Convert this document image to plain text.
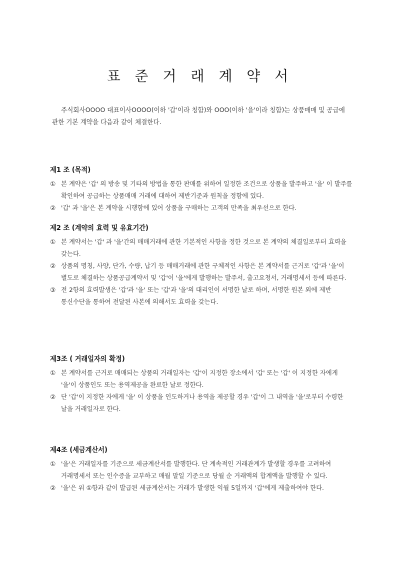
표 준 거 래 계 약 서
주식회사OOOO 대표이사OOOO(이하 '갑'이라 칭함)와 OOO(이하 '을'이라 칭함)는 상품매매 및 공급에 관한 기본 계약을 다음과 같이 체결한다.
제1 조 (목적)
① 본 계약은 '갑' 의 방송 및 기타의 방법을 통한 판매를 위하여 일정한 조건으로 상품을 발주하고 '을' 이 발주를 확인하여 공급하는 상품매매 거래에 대하여 제반기준과 원칙을 정함에 있다.
② '갑' 과 '을'은 본 계약을 시행함에 있어 상품을 구매하는 고객의 만족을 최우선으로 한다.
제2 조 (계약의 효력 및 유효기간)
① 본 계약서는 '갑' 과 '을'간의 매매거래에 관한 기본적인 사항을 정한 것으로 본 계약의 체결일로부터 효력을 갖는다.
② 상품의 명칭, 사양, 단가, 수량, 납기 등 매매거래에 관한 구체적인 사항은 본 계약서를 근거로 '갑'과 '을'이 별도로 체결하는 상품공급계약서 및 '갑'이 '을'에게 발행하는 발주서, 출고요청서, 거래명세서 등에 따른다.
③ 전 2항의 효력발생은 '갑'과 '을' 또는 '갑'과 '을'의 대리인이 서명한 날로 하며, 서명한 원본 외에 제반 통신수단을 통하여 전달된 사본에 의해서도 효력을 갖는다.
제3조 ( 거래일자의 확정)
① 본 계약서를 근거로 매매되는 상품의 거래일자는 '갑'이 지정한 장소에서 '갑' 또는 '갑' 이 지정한 자에게 '을'이 상품인도 또는 용역제공을 완료한 날로 정한다.
② 단 '갑'이 지정한 자에게 '을' 이 상품을 인도하거나 용역을 제공할 경우 '갑'이 그 내역을 '을'로부터 수령한 날을 거래일자로 한다.
제4조 (세금계산서)
① '을'은 거래일자를 기준으로 세금계산서를 발행한다. 단 계속적인 거래관계가 발생할 경우를 고려하여 거래명세서 또는 인수증을 교부하고 매월 말일 기준으로 당월 순 거래액의 합계액을 발행할 수 있다.
② '을'은 위 ①항과 같이 발급된 세금계산서는 거래가 발생한 익월 5일까지 '갑'에게 제출하여야 한다.
